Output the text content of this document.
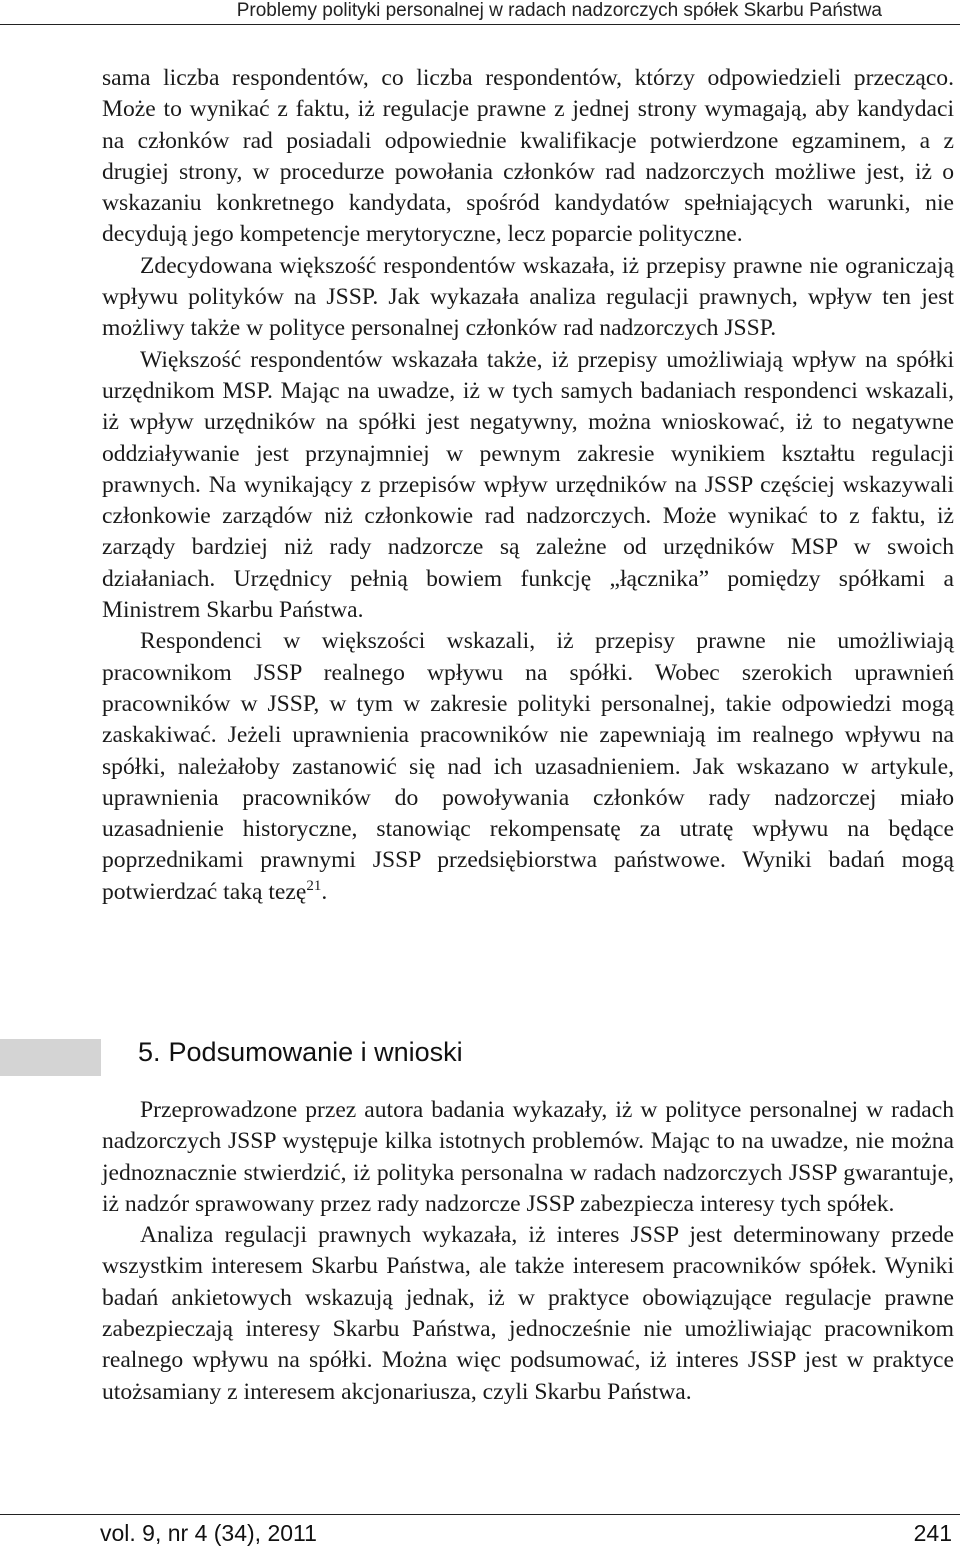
Problemy polityki personalnej w radach nadzorczych spółek Skarbu Państwa

sama liczba respondentów, co liczba respondentów, którzy odpowiedzieli przecząco. Może to wynikać z faktu, iż regulacje prawne z jednej strony wymagają, aby kandydaci na członków rad posiadali odpowiednie kwalifikacje potwierdzone egzaminem, a z drugiej strony, w procedurze powołania członków rad nadzorczych możliwe jest, iż o wskazaniu konkretnego kandydata, spośród kandydatów spełniających warunki, nie decydują jego kompetencje merytoryczne, lecz poparcie polityczne.

Zdecydowana większość respondentów wskazała, iż przepisy prawne nie ograniczają wpływu polityków na JSSP. Jak wykazała analiza regulacji prawnych, wpływ ten jest możliwy także w polityce personalnej członków rad nadzorczych JSSP.

Większość respondentów wskazała także, iż przepisy umożliwiają wpływ na spółki urzędnikom MSP. Mając na uwadze, iż w tych samych badaniach respondenci wskazali, iż wpływ urzędników na spółki jest negatywny, można wnioskować, iż to negatywne oddziaływanie jest przynajmniej w pewnym zakresie wynikiem kształtu regulacji prawnych. Na wynikający z przepisów wpływ urzędników na JSSP częściej wskazywali członkowie zarządów niż członkowie rad nadzorczych. Może wynikać to z faktu, iż zarządy bardziej niż rady nadzorcze są zależne od urzędników MSP w swoich działaniach. Urzędnicy pełnią bowiem funkcję „łącznika” pomiędzy spółkami a Ministrem Skarbu Państwa.

Respondenci w większości wskazali, iż przepisy prawne nie umożliwiają pracownikom JSSP realnego wpływu na spółki. Wobec szerokich uprawnień pracowników w JSSP, w tym w zakresie polityki personalnej, takie odpowiedzi mogą zaskakiwać. Jeżeli uprawnienia pracowników nie zapewniają im realnego wpływu na spółki, należałoby zastanowić się nad ich uzasadnieniem. Jak wskazano w artykule, uprawnienia pracowników do powoływania członków rady nadzorczej miało uzasadnienie historyczne, stanowiąc rekompensatę za utratę wpływu na będące poprzednikami prawnymi JSSP przedsiębiorstwa państwowe. Wyniki badań mogą potwierdzać taką tezę$^{21}$.

5. Podsumowanie i wnioski

Przeprowadzone przez autora badania wykazały, iż w polityce personalnej w radach nadzorczych JSSP występuje kilka istotnych problemów. Mając to na uwadze, nie można jednoznacznie stwierdzić, iż polityka personalna w radach nadzorczych JSSP gwarantuje, iż nadzór sprawowany przez rady nadzorcze JSSP zabezpiecza interesy tych spółek.

Analiza regulacji prawnych wykazała, iż interes JSSP jest determinowany przede wszystkim interesem Skarbu Państwa, ale także interesem pracowników spółek. Wyniki badań ankietowych wskazują jednak, iż w praktyce obowiązujące regulacje prawne zabezpieczają interesy Skarbu Państwa, jednocześnie nie umożliwiając pracownikom realnego wpływu na spółki. Można więc podsumować, iż interes JSSP jest w praktyce utożsamiany z interesem akcjonariusza, czyli Skarbu Państwa.

vol. 9, nr 4 (34), 2011	241
